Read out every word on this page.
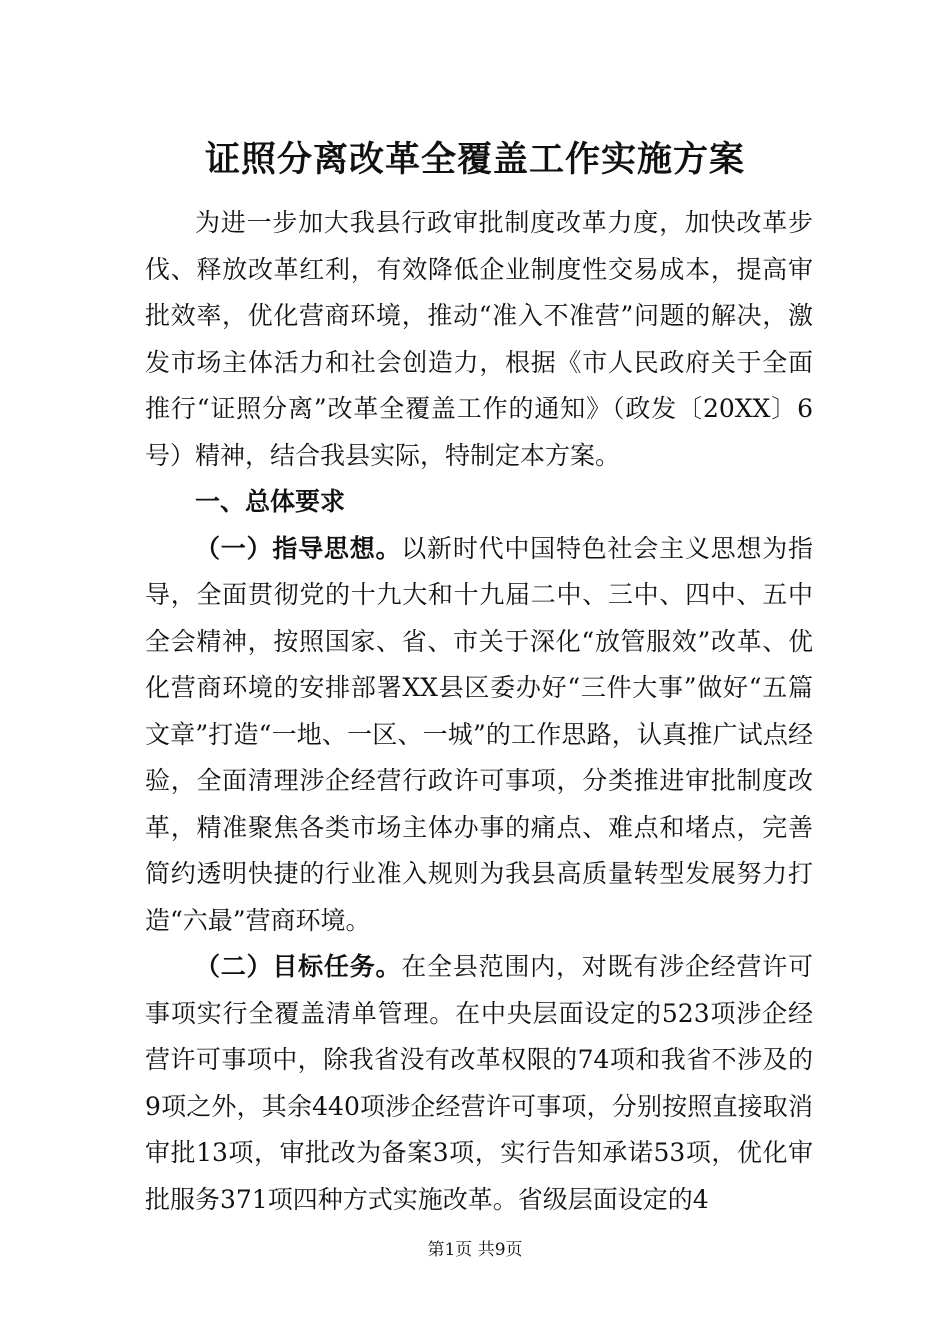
证照分离改革全覆盖工作实施方案

为进一步加大我县行政审批制度改革力度，加快改革步伐、释放改革红利，有效降低企业制度性交易成本，提高审批效率，优化营商环境，推动“准入不准营”问题的解决，激发市场主体活力和社会创造力，根据《市人民政府关于全面推行“证照分离”改革全覆盖工作的通知》（政发〔20XX〕6号）精神，结合我县实际，特制定本方案。

一、总体要求

（一）指导思想。以新时代中国特色社会主义思想为指导，全面贯彻党的十九大和十九届二中、三中、四中、五中全会精神，按照国家、省、市关于深化“放管服效”改革、优化营商环境的安排部署XX县区委办好“三件大事”做好“五篇文章”打造“一地、一区、一城”的工作思路，认真推广试点经验，全面清理涉企经营行政许可事项，分类推进审批制度改革，精准聚焦各类市场主体办事的痛点、难点和堵点，完善简约透明快捷的行业准入规则为我县高质量转型发展努力打造“六最”营商环境。

（二）目标任务。在全县范围内，对既有涉企经营许可事项实行全覆盖清单管理。在中央层面设定的523项涉企经营许可事项中，除我省没有改革权限的74项和我省不涉及的9项之外，其余440项涉企经营许可事项，分别按照直接取消审批13项，审批改为备案3项，实行告知承诺53项，优化审批服务371项四种方式实施改革。省级层面设定的4

第1页 共9页
